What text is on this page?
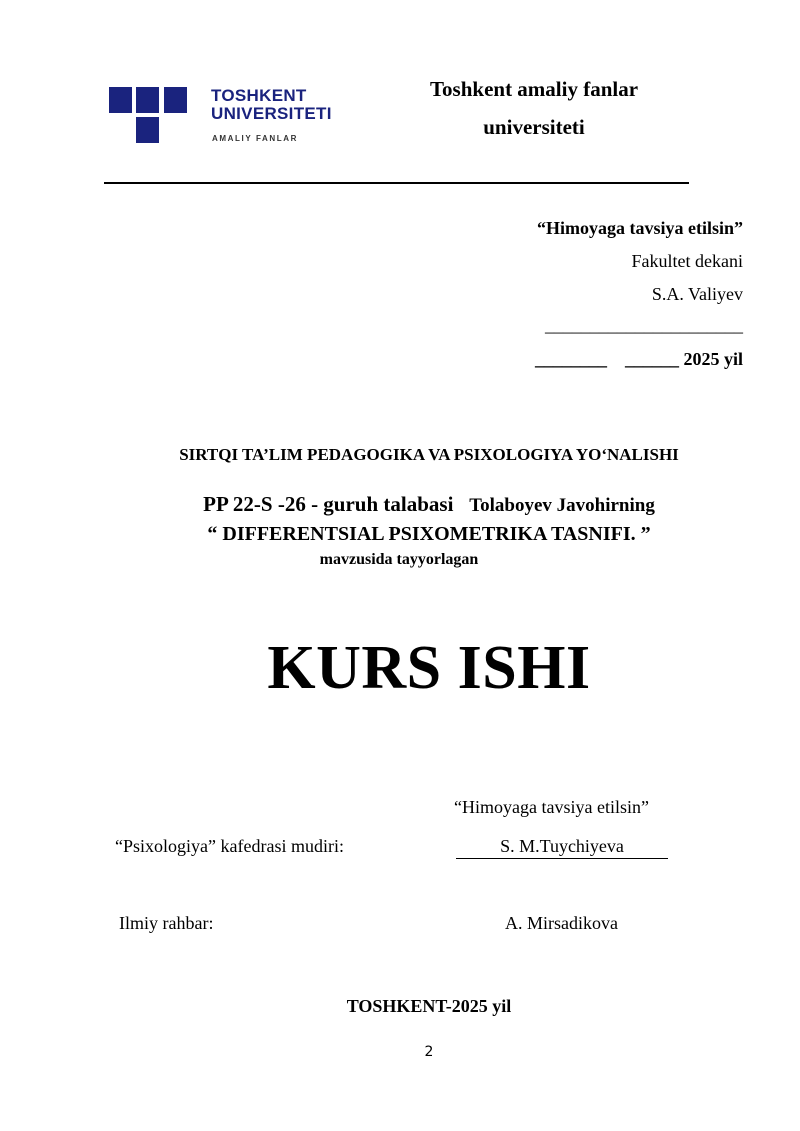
TOSHKENT
UNIVERSITETI
AMALIY FANLAR
Toshkent amaliy fanlar
universiteti
“Himoyaga tavsiya etilsin”
Fakultet dekani
S.A. Valiyev
______________________
________ ______ 2025 yil
SIRTQI TA’LIM PEDAGOGIKA VA PSIXOLOGIYA YO‘NALISHI
PP 22-S -26 - guruh talabasi Tolaboyev Javohirning
“ DIFFERENTSIAL PSIXOMETRIKA TASNIFI. ”
mavzusida tayyorlagan
KURS ISHI
“Himoyaga tavsiya etilsin”
“Psixologiya” kafedrasi mudiri:	S. M.Tuychiyeva
Ilmiy rahbar:	A. Mirsadikova
TOSHKENT-2025 yil
2
